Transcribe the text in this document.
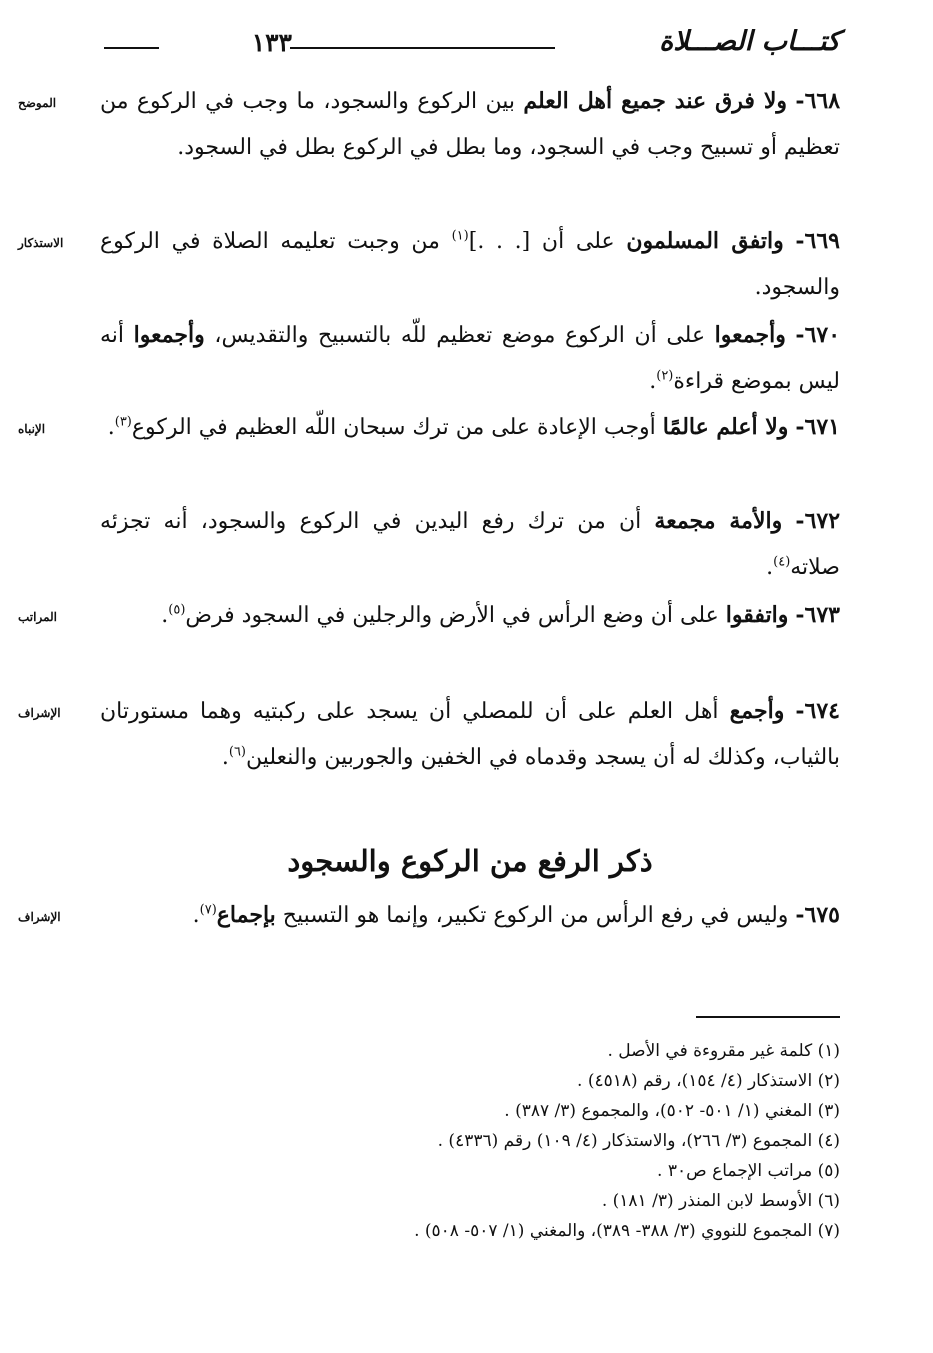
كتـــاب الصـــلاة
١٣٣
٦٦٨- ولا فرق عند جميع أهل العلم بين الركوع والسجود، ما وجب في الركوع من تعظيم أو تسبيح وجب في السجود، وما بطل في الركوع بطل في السجود.
الموضح
٦٦٩- واتفق المسلمون على أن [. . .]$^{(١)}$ من وجبت تعليمه الصلاة في الركوع والسجود.
الاستذكار
٦٧٠- وأجمعوا على أن الركوع موضع تعظيم للّه بالتسبيح والتقديس، وأجمعوا أنه ليس بموضع قراءة$^{(٢)}$.
٦٧١- ولا أعلم عالمًا أوجب الإعادة على من ترك سبحان اللّه العظيم في الركوع$^{(٣)}$.
الإنباه
٦٧٢- والأمة مجمعة أن من ترك رفع اليدين في الركوع والسجود، أنه تجزئه صلاته$^{(٤)}$.
٦٧٣- واتفقوا على أن وضع الرأس في الأرض والرجلين في السجود فرض$^{(٥)}$.
المراتب
٦٧٤- وأجمع أهل العلم على أن للمصلي أن يسجد على ركبتيه وهما مستورتان بالثياب، وكذلك له أن يسجد وقدماه في الخفين والجوربين والنعلين$^{(٦)}$.
الإشراف
ذكر الرفع من الركوع والسجود
٦٧٥- وليس في رفع الرأس من الركوع تكبير، وإنما هو التسبيح بإجماع$^{(٧)}$.
الإشراف
(١) كلمة غير مقروءة في الأصل .
(٢) الاستذكار (٤/ ١٥٤)، رقم (٤٥١٨) .
(٣) المغني (١/ ٥٠١- ٥٠٢)، والمجموع (٣/ ٣٨٧) .
(٤) المجموع (٣/ ٢٦٦)، والاستذكار (٤/ ١٠٩) رقم (٤٣٣٦) .
(٥) مراتب الإجماع ص٣٠ .
(٦) الأوسط لابن المنذر (٣/ ١٨١) .
(٧) المجموع للنووي (٣/ ٣٨٨- ٣٨٩)، والمغني (١/ ٥٠٧- ٥٠٨) .
